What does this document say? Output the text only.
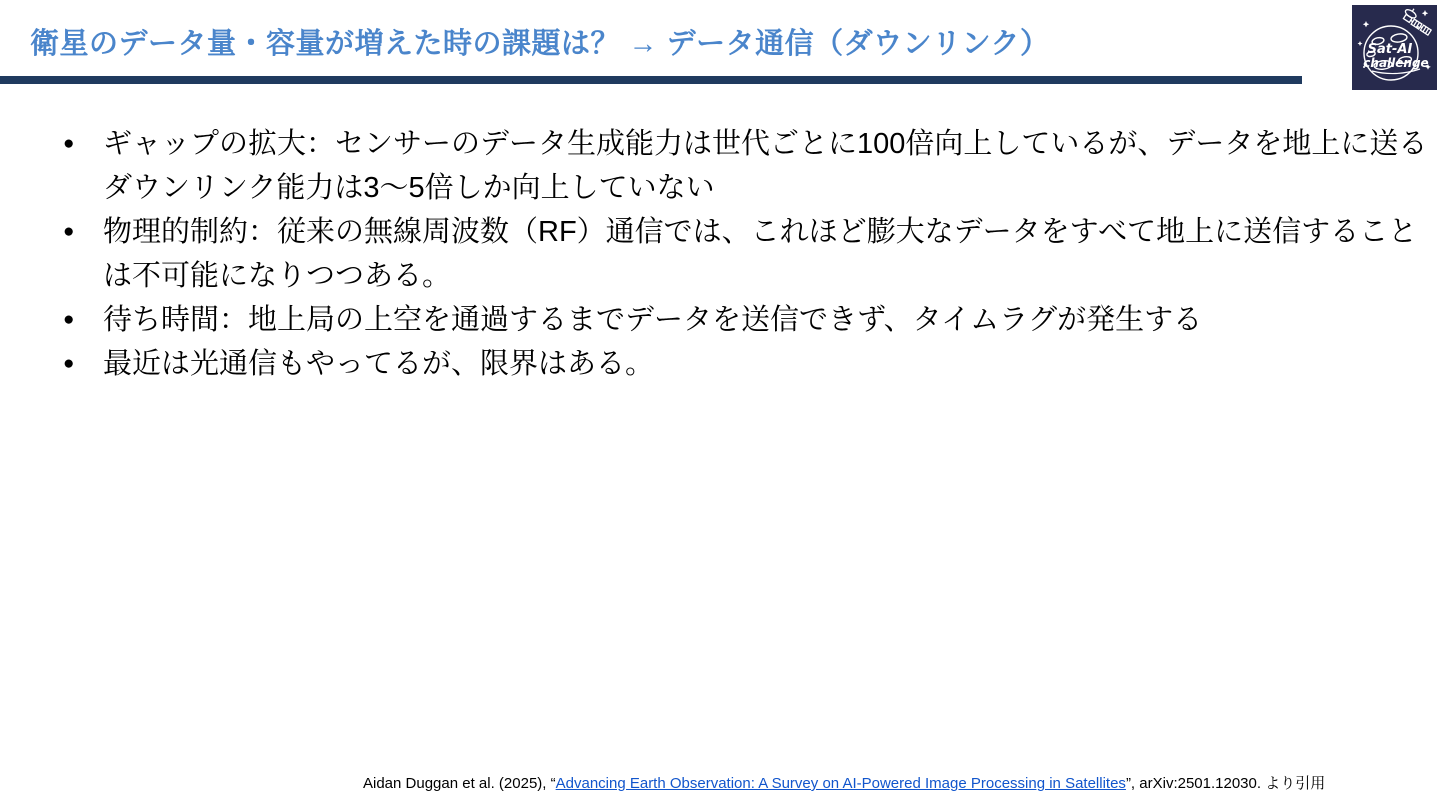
衛星のデータ量・容量が増えた時の課題は？ → データ通信（ダウンリンク）	Sat-AI
challenge
● ギャップの拡大：センサーのデータ生成能力は世代ごとに100倍向上しているが、データを地上に送る
ダウンリンク能力は3〜5倍しか向上していない
● 物理的制約：従来の無線周波数（RF）通信では、これほど膨大なデータをすべて地上に送信すること
は不可能になりつつある。
● 待ち時間：地上局の上空を通過するまでデータを送信できず、タイムラグが発生する
● 最近は光通信もやってるが、限界はある。
Aidan Duggan et al. (2025), “Advancing Earth Observation: A Survey on AI-Powered Image Processing in Satellites”, arXiv:2501.12030. より引用
